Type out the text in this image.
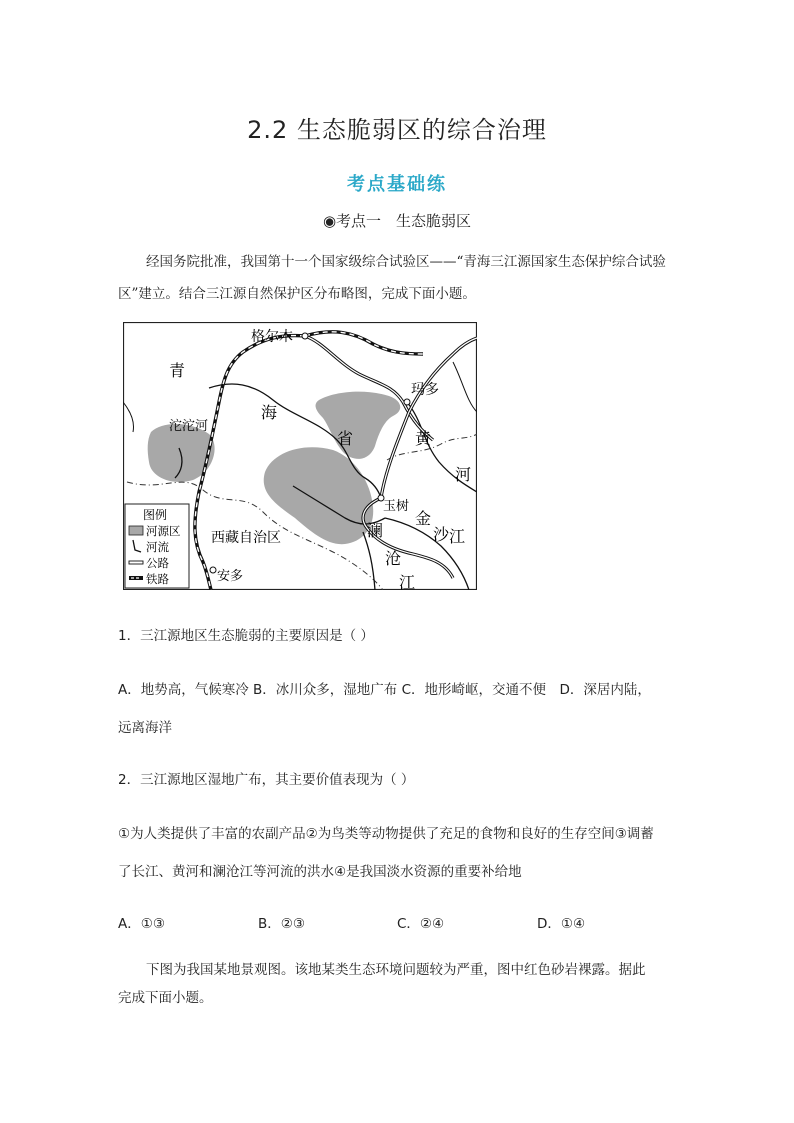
2.2 生态脆弱区的综合治理
考点基础练
◉考点一　生态脆弱区
经国务院批准，我国第十一个国家级综合试验区——“青海三江源国家生态保护综合试验区”建立。结合三江源自然保护区分布略图，完成下面小题。
格尔木
玛多
玉树
安多
沱沱河
西藏自治区
青
海
省	黄
河
金
沙 江
澜
沧
江
图例
河源区
河流
公路
铁路
1．三江源地区生态脆弱的主要原因是（ ）
A．地势高，气候寒冷 B．冰川众多，湿地广布 C．地形崎岖，交通不便　D．深居内陆，
远离海洋
2．三江源地区湿地广布，其主要价值表现为（ ）
①为人类提供了丰富的农副产品②为鸟类等动物提供了充足的食物和良好的生存空间③调蓄
了长江、黄河和澜沧江等河流的洪水④是我国淡水资源的重要补给地
A．①③	B．②③	C．②④	D．①④
下图为我国某地景观图。该地某类生态环境问题较为严重，图中红色砂岩裸露。据此
完成下面小题。
